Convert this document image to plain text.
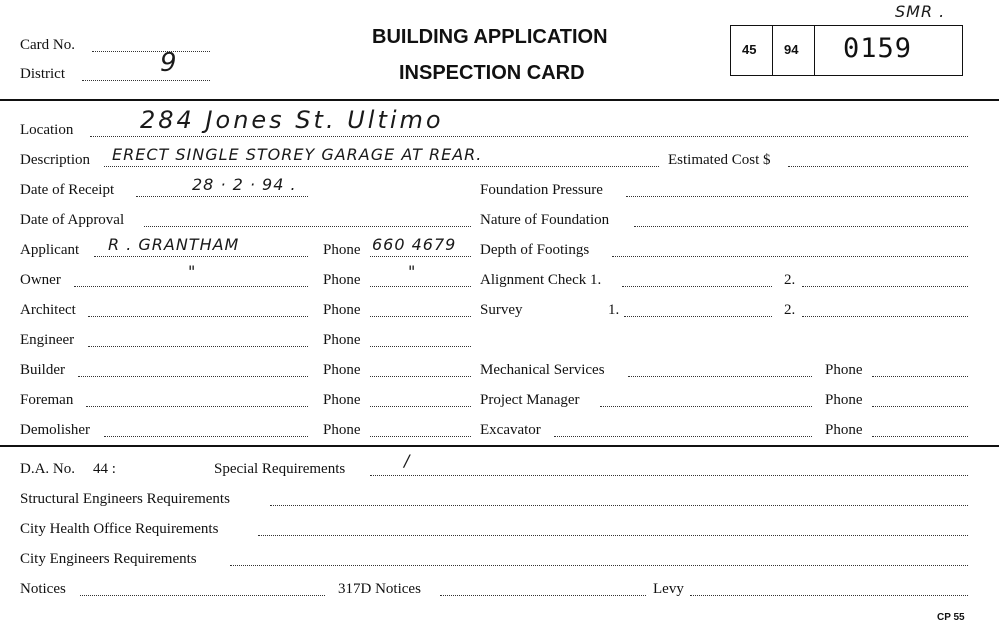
Card No.
District	9
BUILDING APPLICATION
INSPECTION CARD
SMR .
45 94 0159
Location	284 Jones St. Ultimo
Description ERECT SINGLE STOREY GARAGE AT REAR.	Estimated Cost $
Date of Receipt	28 · 2 · 94 .
Date of Approval
Applicant R . GRANTHAM	Phone 660 4679
Owner	"	Phone	"
Architect	Phone
Engineer	Phone
Builder	Phone
Foreman	Phone
Demolisher	Phone
Foundation Pressure
Nature of Foundation
Depth of Footings
Alignment Check 1.	2.
Survey	1.	2.
Mechanical Services	Phone
Project Manager	Phone
Excavator	Phone
D.A. No. 44 :	Special Requirements	/
Structural Engineers Requirements
City Health Office Requirements
City Engineers Requirements
Notices	317D Notices	Levy
CP 55
